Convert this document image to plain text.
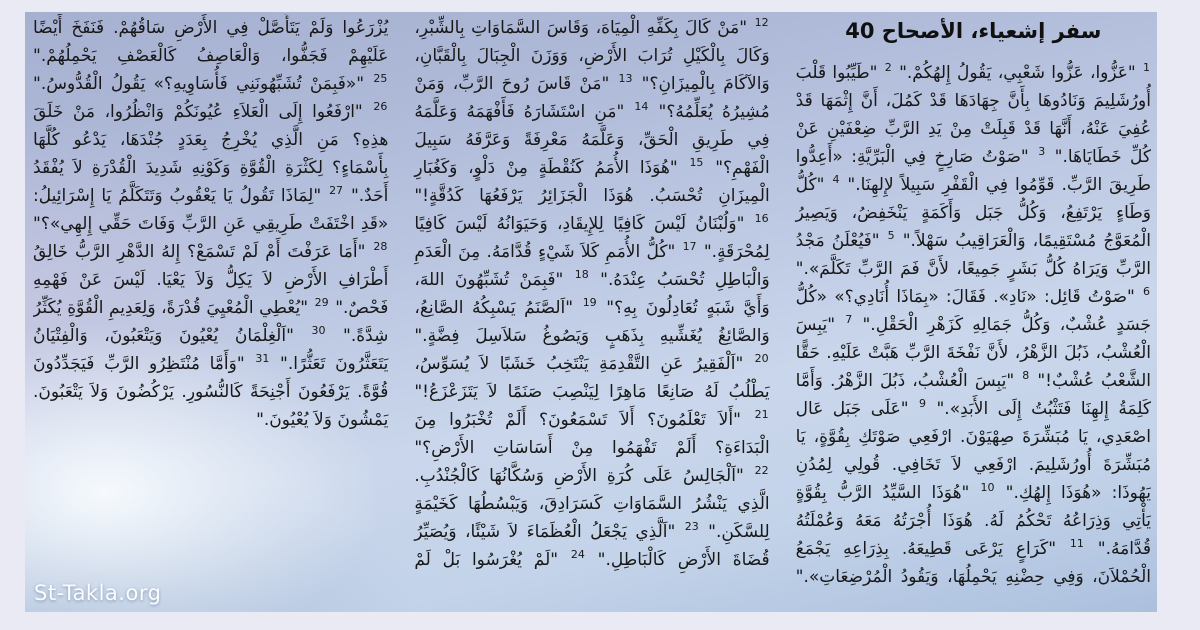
سفر إشعياء، الأصحاح 40
$^1$ "عَزُّوا، عَزُّوا شَعْبِي، يَقُولُ إِلهُكُمْ." $^2$ "طَيِّبُوا قَلْبَ أُورُشَلِيمَ وَنَادُوهَا بِأَنَّ جِهَادَهَا قَدْ كَمُلَ، أَنَّ إِثْمَهَا قَدْ عُفِيَ عَنْهُ، أَنَّهَا قَدْ قَبِلَتْ مِنْ يَدِ الرَّبِّ ضِعْفَيْنِ عَنْ كُلِّ خَطَايَاهَا." $^3$ "صَوْتُ صَارِخٍ فِي الْبَرِّيَّةِ: «أَعِدُّوا طَرِيقَ الرَّبِّ. قَوِّمُوا فِي الْقَفْرِ سَبِيلاً لإِلهِنَا." $^4$ "كُلُّ وَطَاءٍ يَرْتَفِعُ، وَكُلُّ جَبَل وَأَكَمَةٍ يَنْخَفِضُ، وَيَصِيرُ الْمُعَوَّجُ مُسْتَقِيمًا، وَالْعَرَاقِيبُ سَهْلاً." $^5$ "فَيُعْلَنُ مَجْدُ الرَّبِّ وَيَرَاهُ كُلُّ بَشَرٍ جَمِيعًا، لأَنَّ فَمَ الرَّبِّ تَكَلَّمَ»." $^6$ "صَوْتُ قَائِل: «نَادِ». فَقَالَ: «بِمَاذَا أُنَادِي؟» «كُلُّ جَسَدٍ عُشْبٌ، وَكُلُّ جَمَالِهِ كَزَهْرِ الْحَقْلِ." $^7$ "يَبِسَ الْعُشْبُ، ذَبُلَ الزَّهْرُ، لأَنَّ نَفْخَةَ الرَّبِّ هَبَّتْ عَلَيْهِ. حَقًّا الشَّعْبُ عُشْبٌ!" $^8$ "يَبِسَ الْعُشْبُ، ذَبُلَ الزَّهْرُ. وَأَمَّا كَلِمَةُ إِلهِنَا فَتَثْبُتُ إِلَى الأَبَدِ»." $^9$ "عَلَى جَبَل عَال اصْعَدِي، يَا مُبَشِّرَةَ صِهْيَوْنَ. ارْفَعِي صَوْتَكِ بِقُوَّةٍ، يَا مُبَشِّرَةَ أُورُشَلِيمَ. ارْفَعِي لاَ تَخَافِي. قُولِي لِمُدُنِ يَهُوذَا: «هُوَذَا إِلهُكِ." $^{10}$ "هُوَذَا السَّيِّدُ الرَّبُّ بِقُوَّةٍ يَأْتِي وَذِرَاعُهُ تَحْكُمُ لَهُ. هُوَذَا أُجْرَتُهُ مَعَهُ وَعُمْلَتُهُ قُدَّامَهُ." $^{11}$ "كَرَاعٍ يَرْعَى قَطِيعَهُ. بِذِرَاعِهِ يَجْمَعُ الْحُمْلاَنَ، وَفِي حِضْنِهِ يَحْمِلُهَا، وَيَقُودُ الْمُرْضِعَاتِ»." $^{12}$ "مَنْ كَالَ بِكَفِّهِ الْمِيَاهَ، وَقَاسَ السَّمَاوَاتِ بِالشِّبْرِ، وَكَالَ بِالْكَيْلِ تُرَابَ الأَرْضِ، وَوَزَنَ الْجِبَالَ بِالْقَبَّانِ، وَالآكَامَ بِالْمِيزَانِ؟" $^{13}$ "مَنْ قَاسَ رُوحَ الرَّبِّ، وَمَنْ مُشِيرُهُ يُعَلِّمُهُ؟" $^{14}$ "مَنِ اسْتَشَارَهُ فَأَفْهَمَهُ وَعَلَّمَهُ فِي طَرِيقِ الْحَقِّ، وَعَلَّمَهُ مَعْرِفَةً وَعَرَّفَهُ سَبِيلَ الْفَهْمِ؟" $^{15}$ "هُوَذَا الأُمَمُ كَنُقْطَةٍ مِنْ دَلْوٍ، وَكَغُبَارِ الْمِيزَانِ تُحْسَبُ. هُوَذَا الْجَزَائِرُ يَرْفَعُهَا كَدُقَّةٍ!" $^{16}$ "وَلُبْنَانُ لَيْسَ كَافِيًا لِلإِيقَادِ، وَحَيَوَانُهُ لَيْسَ كَافِيًا لِمُحْرَقَةٍ." $^{17}$ "كُلُّ الأُمَمِ كَلاَ شَيْءٍ قُدَّامَهُ. مِنَ الْعَدَمِ وَالْبَاطِلِ تُحْسَبُ عِنْدَهُ." $^{18}$ "فَبِمَنْ تُشَبِّهُونَ اللهَ، وَأَيَّ شَبَهٍ تُعَادِلُونَ بِهِ؟" $^{19}$ "اَلصَّنَمُ يَسْبِكُهُ الصَّانِعُ، وَالصَّائِغُ يُغَشِّيهِ بِذَهَبٍ وَيَصُوغُ سَلاَسِلَ فِضَّةٍ." $^{20}$ "اَلْفَقِيرُ عَنِ التَّقْدِمَةِ يَنْتَخِبُ خَشَبًا لاَ يُسَوِّسُ، يَطْلُبُ لَهُ صَانِعًا مَاهِرًا لِيَنْصِبَ صَنَمًا لاَ يَتَزَعْزَعُ!" $^{21}$ "أَلاَ تَعْلَمُونَ؟ أَلاَ تَسْمَعُونَ؟ أَلَمْ تُخْبَرُوا مِنَ الْبَدَاءَةِ؟ أَلَمْ تَفْهَمُوا مِنْ أَسَاسَاتِ الأَرْضِ؟" $^{22}$ "اَلْجَالِسُ عَلَى كُرَةِ الأَرْضِ وَسُكَّانُهَا كَالْجُنْدُبِ. الَّذِي يَنْشُرُ السَّمَاوَاتِ كَسَرَادِقَ، وَيَبْسُطُهَا كَخَيْمَةٍ لِلسَّكَنِ." $^{23}$ "اَلَّذِي يَجْعَلُ الْعُظَمَاءَ لاَ شَيْئًا، وَيُصَيِّرُ قُضَاةَ الأَرْضِ كَالْبَاطِلِ." $^{24}$ "لَمْ يُغْرَسُوا بَلْ لَمْ يُزْرَعُوا وَلَمْ يَتَأَصَّلْ فِي الأَرْضِ سَاقُهُمْ. فَنَفَخَ أَيْضًا عَلَيْهِمْ فَجَفُّوا، وَالْعَاصِفُ كَالْعَصْفِ يَحْمِلُهُمْ." $^{25}$ "«فَبِمَنْ تُشَبِّهُونَنِي فَأُسَاوِيهِ؟» يَقُولُ الْقُدُّوسُ." $^{26}$ "ارْفَعُوا إِلَى الْعَلاَءِ عُيُونَكُمْ وَانْظُرُوا، مَنْ خَلَقَ هذِهِ؟ مَنِ الَّذِي يُخْرِجُ بِعَدَدٍ جُنْدَهَا، يَدْعُو كُلَّهَا بِأَسْمَاءٍ؟ لِكَثْرَةِ الْقُوَّةِ وَكَوْنِهِ شَدِيدَ الْقُدْرَةِ لاَ يُفْقَدُ أَحَدٌ." $^{27}$ "لِمَاذَا تَقُولُ يَا يَعْقُوبُ وَتَتَكَلَّمُ يَا إِسْرَائِيلُ: «قَدِ اخْتَفَتْ طَرِيقِي عَنِ الرَّبِّ وَفَاتَ حَقِّي إِلهِي»؟" $^{28}$ "أَمَا عَرَفْتَ أَمْ لَمْ تَسْمَعْ؟ إِلهُ الدَّهْرِ الرَّبُّ خَالِقُ أَطْرَافِ الأَرْضِ لاَ يَكِلُّ وَلاَ يَعْيَا. لَيْسَ عَنْ فَهْمِهِ فَحْصٌ." $^{29}$ "يُعْطِي الْمُعْيِيَ قُدْرَةً، وَلِعَدِيمِ الْقُوَّةِ يُكَثِّرُ شِدَّةً." $^{30}$ "اَلْغِلْمَانُ يُعْيُونَ وَيَتْعَبُونَ، وَالْفِتْيَانُ يَتَعَثَّرُونَ تَعَثُّرًا." $^{31}$ "وَأَمَّا مُنْتَظِرُو الرَّبِّ فَيَجَدِّدُونَ قُوَّةً. يَرْفَعُونَ أَجْنِحَةً كَالنُّسُورِ. يَرْكُضُونَ وَلاَ يَتْعَبُونَ. يَمْشُونَ وَلاَ يُعْيُونَ."
St-Takla.org
